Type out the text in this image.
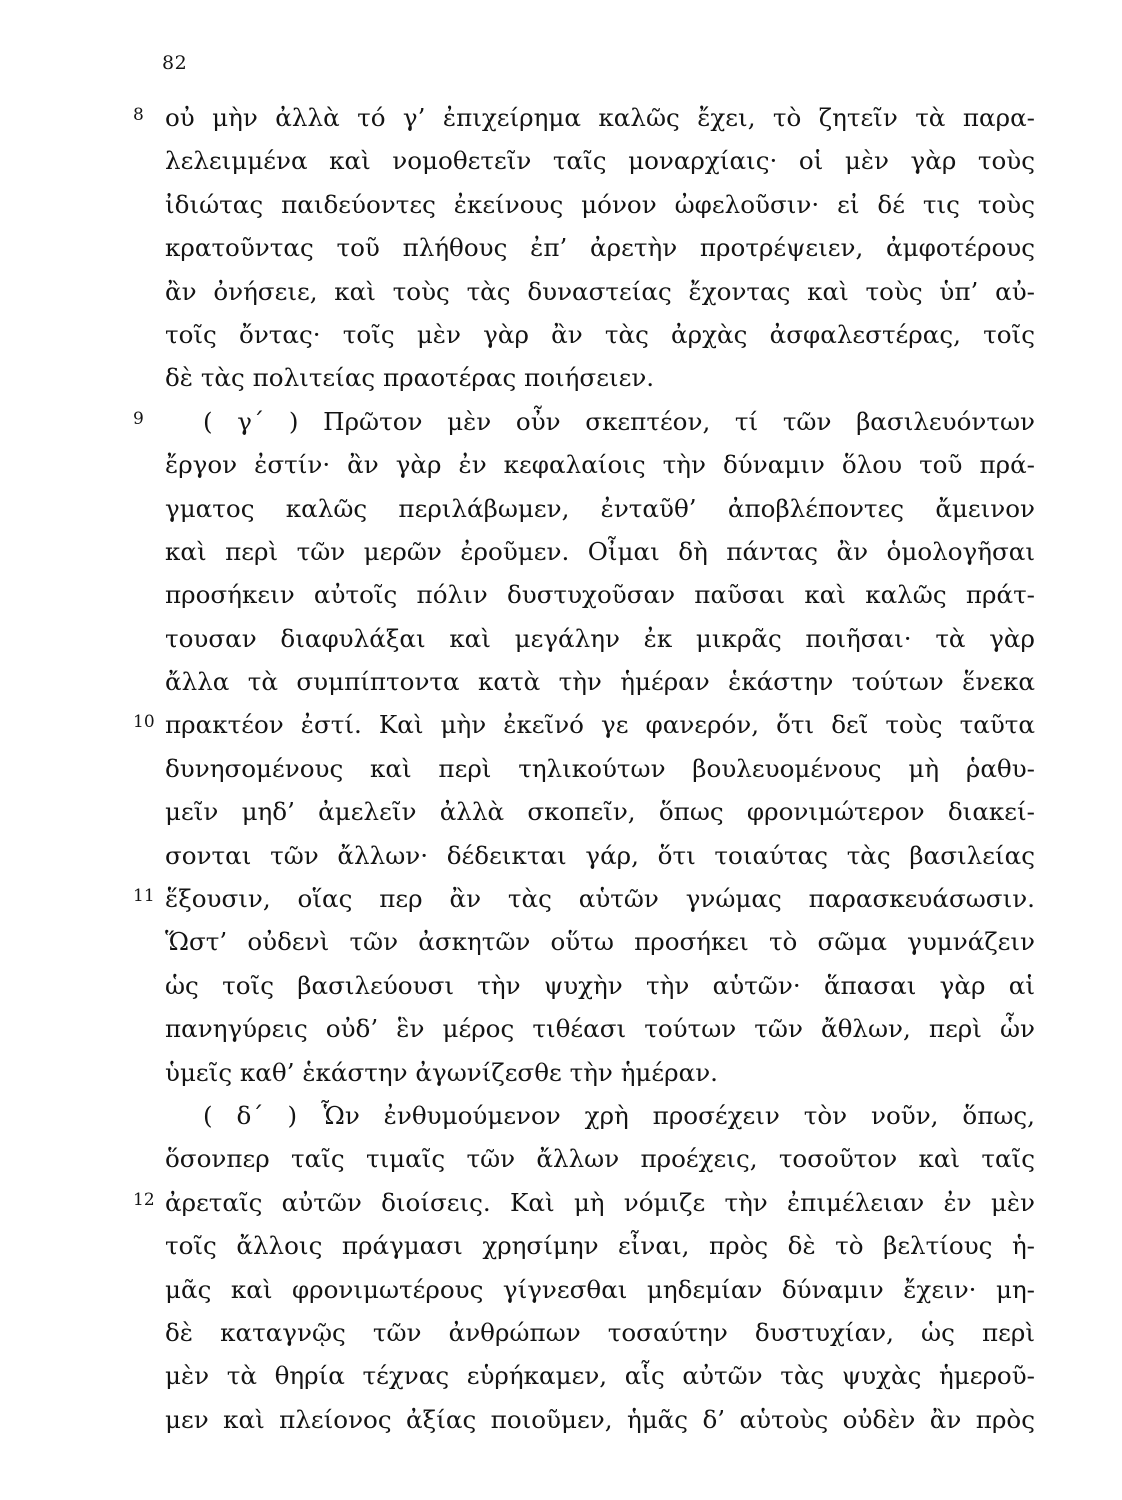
82
8 οὐ μὴν ἀλλὰ τό γ’ ἐπιχείρημα καλῶς ἔχει, τὸ ζητεῖν τὰ παρα-
λελειμμένα καὶ νομοθετεῖν ταῖς μοναρχίαις· οἱ μὲν γὰρ τοὺς
ἰδιώτας παιδεύοντες ἐκείνους μόνον ὠφελοῦσιν· εἰ δέ τις τοὺς
κρατοῦντας τοῦ πλήθους ἐπ’ ἀρετὴν προτρέψειεν, ἀμφοτέρους
ἂν ὀνήσειε, καὶ τοὺς τὰς δυναστείας ἔχοντας καὶ τοὺς ὑπ’ αὐ-
τοῖς ὄντας· τοῖς μὲν γὰρ ἂν τὰς ἀρχὰς ἀσφαλεστέρας, τοῖς
δὲ τὰς πολιτείας πραοτέρας ποιήσειεν.
9 ( γ΄ ) Πρῶτον μὲν οὖν σκεπτέον, τί τῶν βασιλευόντων
ἔργον ἐστίν· ἂν γὰρ ἐν κεφαλαίοις τὴν δύναμιν ὅλου τοῦ πρά-
γματος καλῶς περιλάβωμεν, ἐνταῦθ’ ἀποβλέποντες ἄμεινον
καὶ περὶ τῶν μερῶν ἐροῦμεν. Οἶμαι δὴ πάντας ἂν ὁμολογῆσαι
προσήκειν αὐτοῖς πόλιν δυστυχοῦσαν παῦσαι καὶ καλῶς πράτ-
τουσαν διαφυλάξαι καὶ μεγάλην ἐκ μικρᾶς ποιῆσαι· τὰ γὰρ
ἄλλα τὰ συμπίπτοντα κατὰ τὴν ἡμέραν ἑκάστην τούτων ἕνεκα
10 πρακτέον ἐστί. Καὶ μὴν ἐκεῖνό γε φανερόν, ὅτι δεῖ τοὺς ταῦτα
δυνησομένους καὶ περὶ τηλικούτων βουλευομένους μὴ ῥαθυ-
μεῖν μηδ’ ἀμελεῖν ἀλλὰ σκοπεῖν, ὅπως φρονιμώτερον διακεί-
σονται τῶν ἄλλων· δέδεικται γάρ, ὅτι τοιαύτας τὰς βασιλείας
11 ἕξουσιν, οἵας περ ἂν τὰς αὑτῶν γνώμας παρασκευάσωσιν.
Ὥστ’ οὐδενὶ τῶν ἀσκητῶν οὕτω προσήκει τὸ σῶμα γυμνάζειν
ὡς τοῖς βασιλεύουσι τὴν ψυχὴν τὴν αὑτῶν· ἅπασαι γὰρ αἱ
πανηγύρεις οὐδ’ ἓν μέρος τιθέασι τούτων τῶν ἄθλων, περὶ ὧν
ὑμεῖς καθ’ ἑκάστην ἀγωνίζεσθε τὴν ἡμέραν.
( δ΄ ) Ὧν ἐνθυμούμενον χρὴ προσέχειν τὸν νοῦν, ὅπως,
ὅσονπερ ταῖς τιμαῖς τῶν ἄλλων προέχεις, τοσοῦτον καὶ ταῖς
12 ἀρεταῖς αὐτῶν διοίσεις. Καὶ μὴ νόμιζε τὴν ἐπιμέλειαν ἐν μὲν
τοῖς ἄλλοις πράγμασι χρησίμην εἶναι, πρὸς δὲ τὸ βελτίους ἡ-
μᾶς καὶ φρονιμωτέρους γίγνεσθαι μηδεμίαν δύναμιν ἔχειν· μη-
δὲ καταγνῷς τῶν ἀνθρώπων τοσαύτην δυστυχίαν, ὡς περὶ
μὲν τὰ θηρία τέχνας εὑρήκαμεν, αἷς αὐτῶν τὰς ψυχὰς ἡμεροῦ-
μεν καὶ πλείονος ἀξίας ποιοῦμεν, ἡμᾶς δ’ αὑτοὺς οὐδὲν ἂν πρὸς
